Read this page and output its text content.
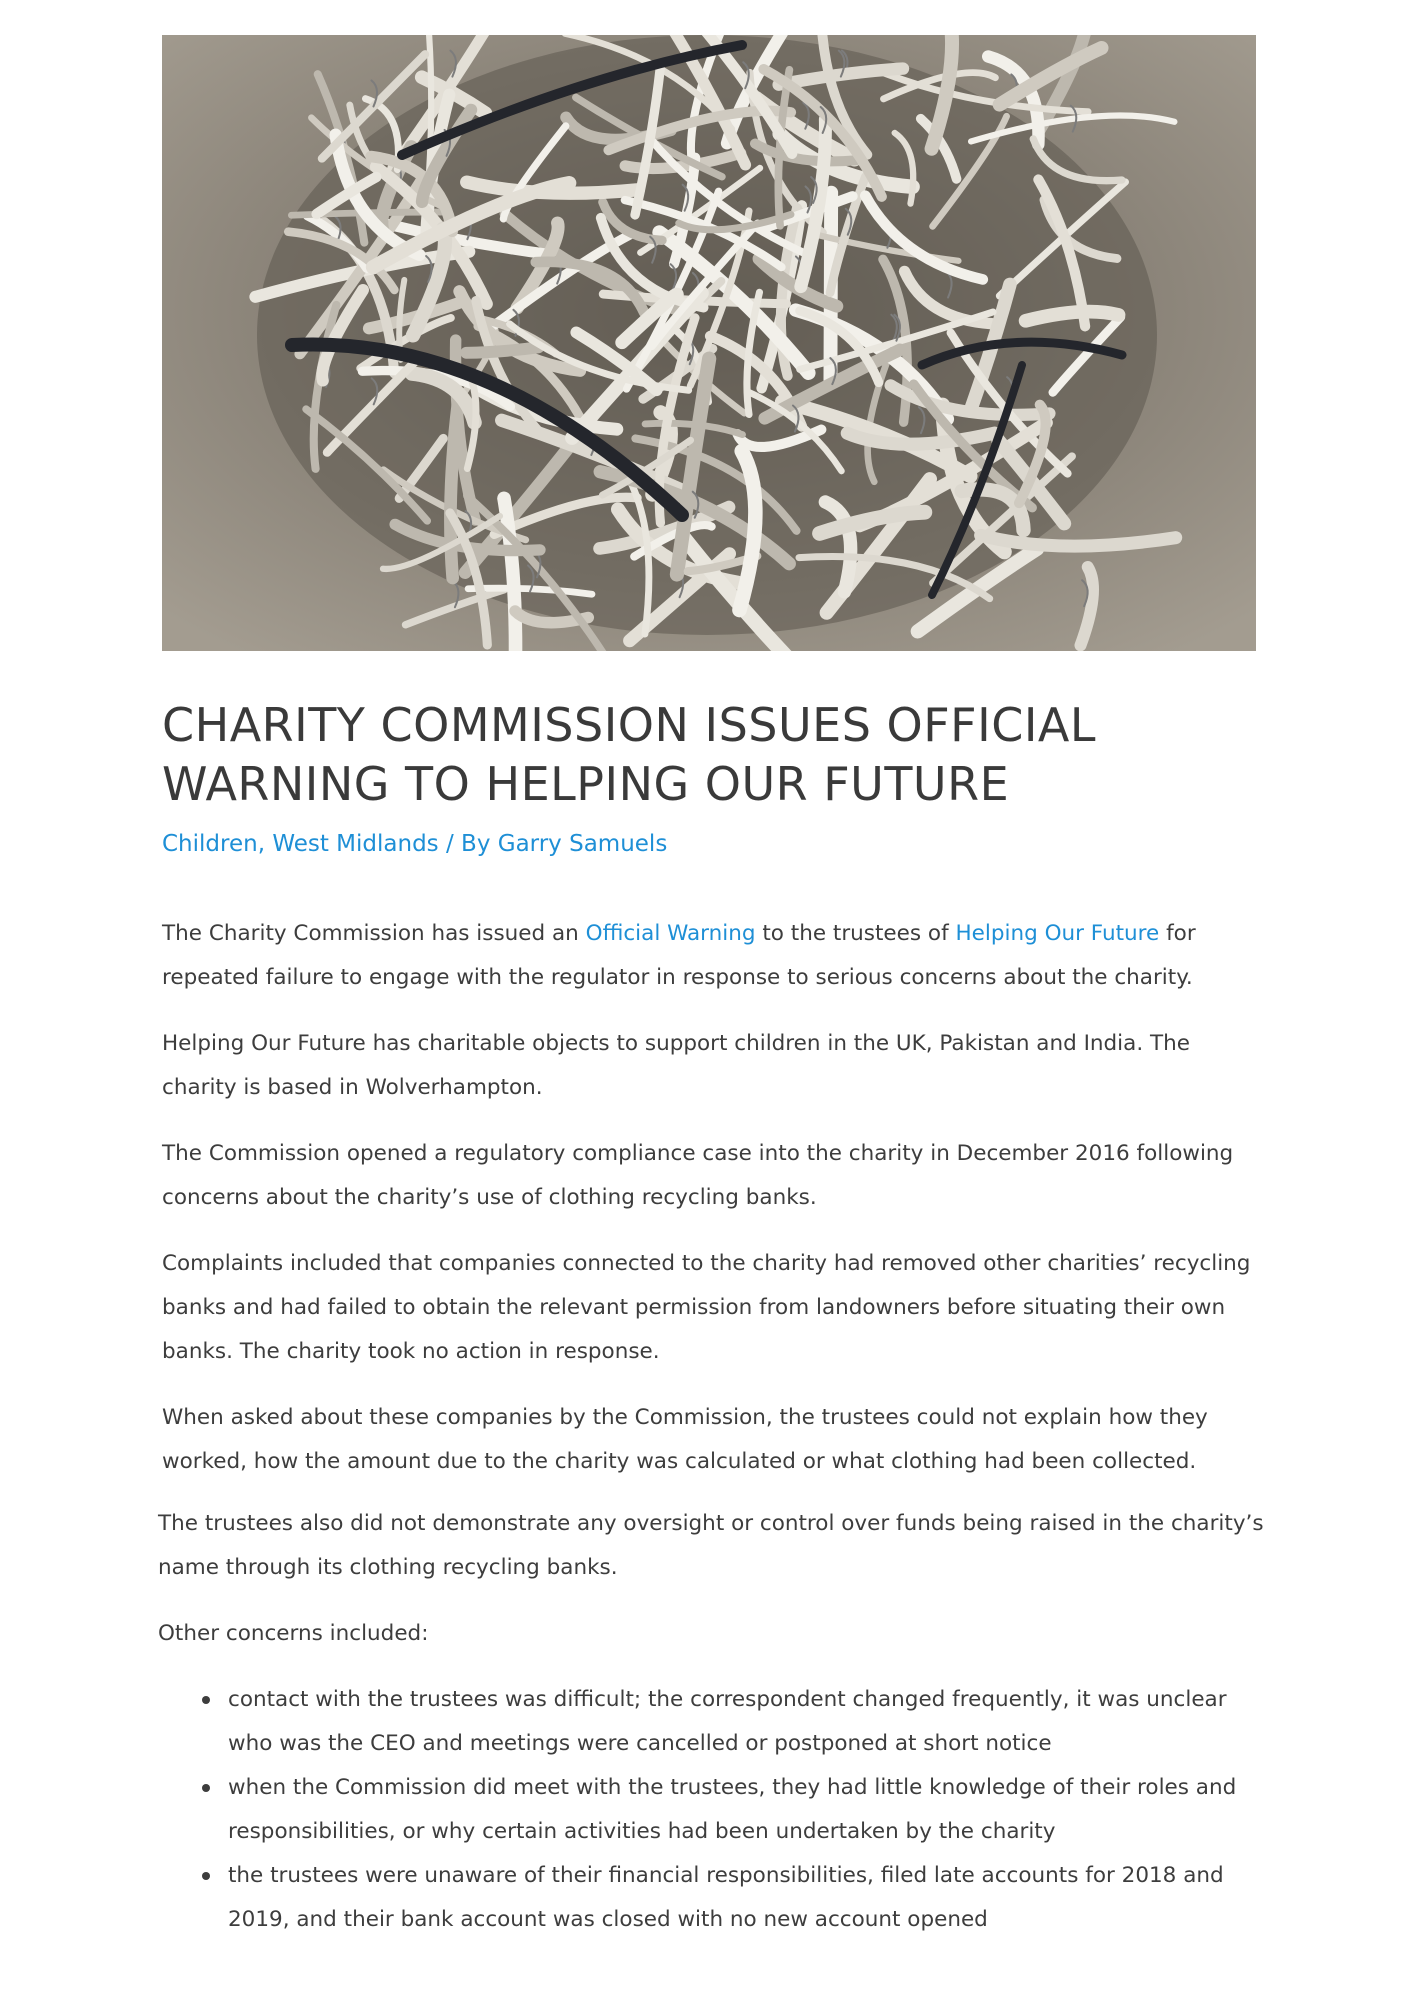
CHARITY COMMISSION ISSUES OFFICIAL WARNING TO HELPING OUR FUTURE
Children, West Midlands / By Garry Samuels

The Charity Commission has issued an Official Warning to the trustees of Helping Our Future for repeated failure to engage with the regulator in response to serious concerns about the charity.

Helping Our Future has charitable objects to support children in the UK, Pakistan and India. The charity is based in Wolverhampton.

The Commission opened a regulatory compliance case into the charity in December 2016 following concerns about the charity’s use of clothing recycling banks.

Complaints included that companies connected to the charity had removed other charities’ recycling banks and had failed to obtain the relevant permission from landowners before situating their own banks. The charity took no action in response.

When asked about these companies by the Commission, the trustees could not explain how they worked, how the amount due to the charity was calculated or what clothing had been collected.

The trustees also did not demonstrate any oversight or control over funds being raised in the charity’s name through its clothing recycling banks.

Other concerns included:

contact with the trustees was difficult; the correspondent changed frequently, it was unclear who was the CEO and meetings were cancelled or postponed at short notice
when the Commission did meet with the trustees, they had little knowledge of their roles and responsibilities, or why certain activities had been undertaken by the charity
the trustees were unaware of their financial responsibilities, filed late accounts for 2018 and 2019, and their bank account was closed with no new account opened
